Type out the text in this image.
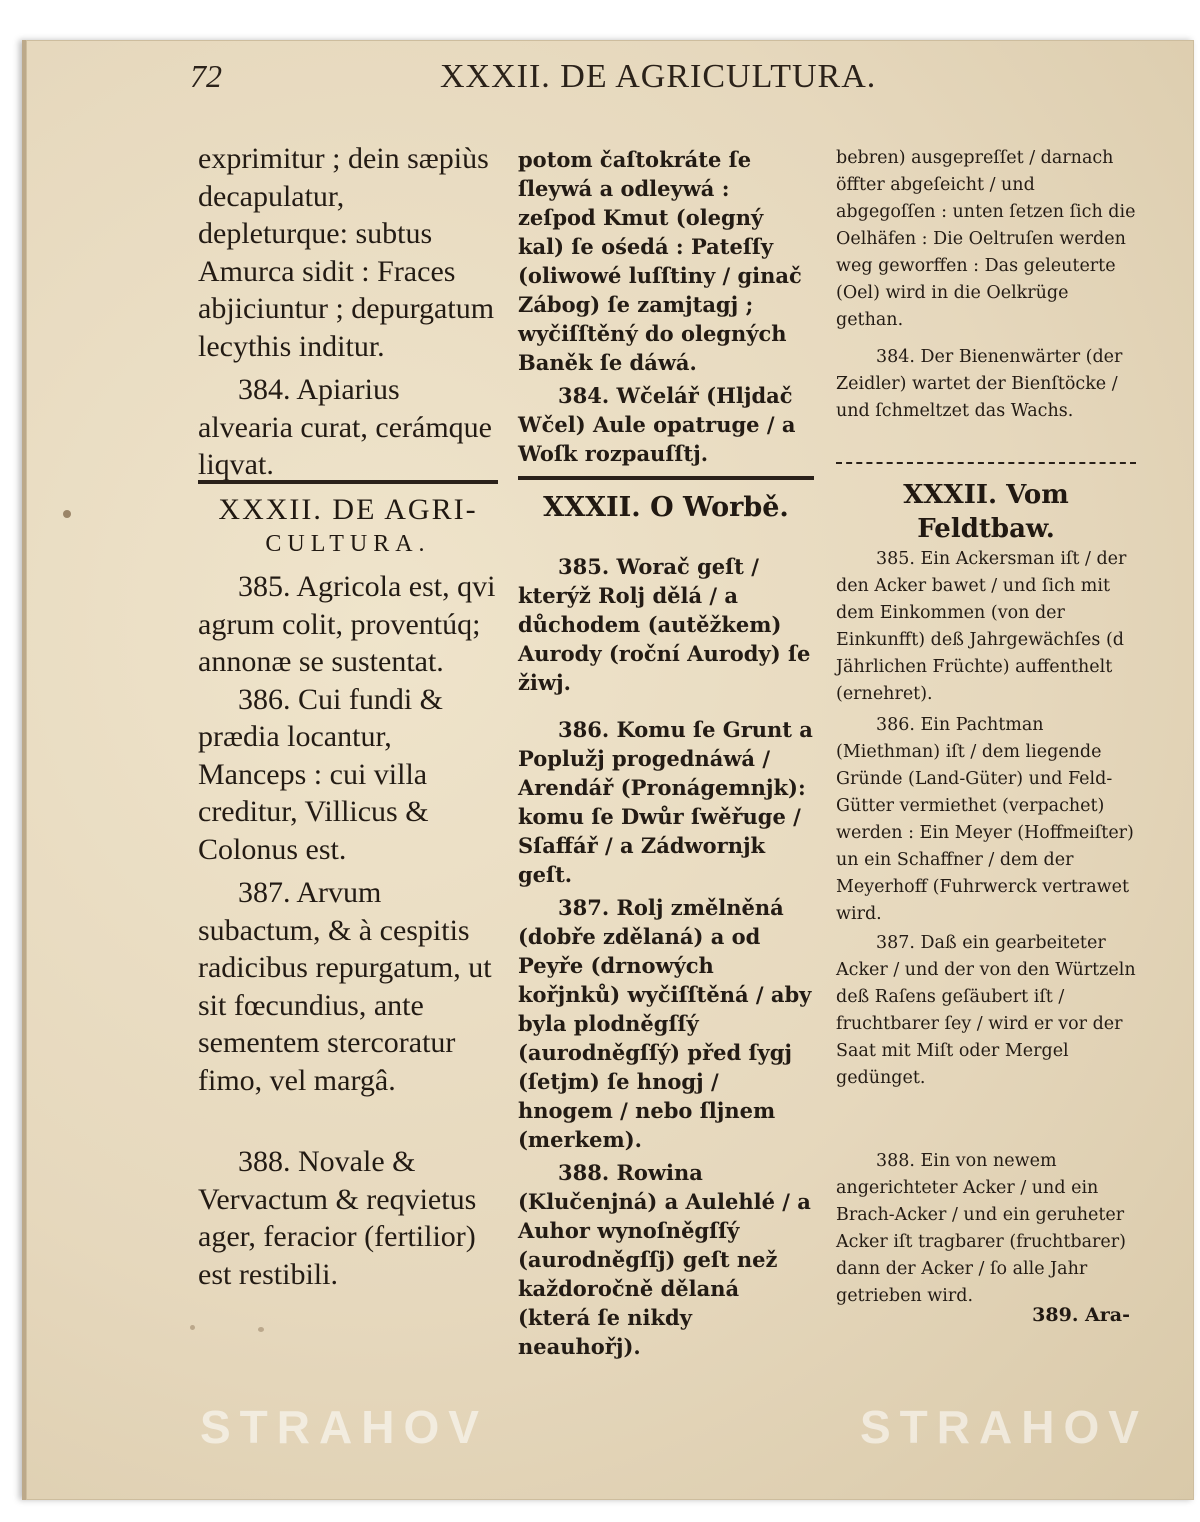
72	XXXII. DE AGRICULTURA.

exprimitur ; dein sæpiùs decapulatur, depleturque: subtus Amurca sidit : Fraces abjiciuntur ; depurgatum lecythis inditur.

384. Apiarius alvearia curat, cerámque liqvat.

XXXII. DE AGRI-
CULTURA.

385. Agricola est, qvi agrum colit, proventúq; annonæ se sustentat.

386. Cui fundi & prædia locantur, Manceps : cui villa creditur, Villicus & Colonus est.

387. Arvum subactum, & à cespitis radicibus repurgatum, ut sit fœcundius, ante sementem stercoratur fimo, vel margâ.

388. Novale & Vervactum & reqvietus ager, feracior (fertilior) est restibili.

potom čaſtokráte ſe ſleywá a odleywá : zeſpod Kmut (olegný kal) ſe ośedá : Pateſſy (oliwowé luſſtiny / ginač Zábog) ſe zamjtagj ; wyčiſſtěný do olegných Baněk ſe dáwá.

384. Wčelář (Hljdač Wčel) Aule opatruge / a Woſk rozpauſſtj.

XXXII. O Worbě.

385. Worač geſt / kterýž Rolj dělá / a důchodem (autěžkem) Aurody (roční Aurody) ſe žiwj.

386. Komu ſe Grunt a Poplužj progednáwá / Arendář (Pronágemnjk): komu ſe Dwůr ſwěřuge / Sſaffář / a Zádwornjk geſt.

387. Rolj změlněná (dobře zdělaná) a od Peyře (drnowých kořjnků) wyčiſſtěná / aby byla plodněgſſý (aurodněgſſý) před ſygj (ſetjm) ſe hnogj / hnogem / nebo ſljnem (merkem).

388. Rowina (Klučenjná) a Aulehlé / a Auhor wynoſněgſſý (aurodněgſſj) geſt než každoročně dělaná (která ſe nikdy neauhořj).

bebren) ausgepreſſet / darnach öffter abgeſeicht / und abgegoſſen : unten ſetzen ſich die Oelhäfen : Die Oeltruſen werden weg geworffen : Das geleuterte (Oel) wird in die Oelkrüge gethan.

384. Der Bienenwärter (der Zeidler) wartet der Bienſtöcke / und ſchmeltzet das Wachs.

XXXII. Vom Feldtbaw.

385. Ein Ackersman iſt / der den Acker bawet / und ſich mit dem Einkommen (von der Einkunfft) deß Jahrgewächſes (d Jährlichen Früchte) auffenthelt (ernehret).

386. Ein Pachtman (Miethman) iſt / dem liegende Gründe (Land-Güter) und Feld-Gütter vermiethet (verpachet) werden : Ein Meyer (Hoffmeiſter) un ein Schaffner / dem der Meyerhoff (Fuhrwerck vertrawet wird.

387. Daß ein gearbeiteter Acker / und der von den Würtzeln deß Raſens geſäubert iſt / fruchtbarer ſey / wird er vor der Saat mit Miſt oder Mergel gedünget.

388. Ein von newem angerichteter Acker / und ein Brach-Acker / und ein geruheter Acker iſt tragbarer (fruchtbarer) dann der Acker / ſo alle Jahr getrieben wird.

389. Ara-
STRAHOV	STRAHOV
